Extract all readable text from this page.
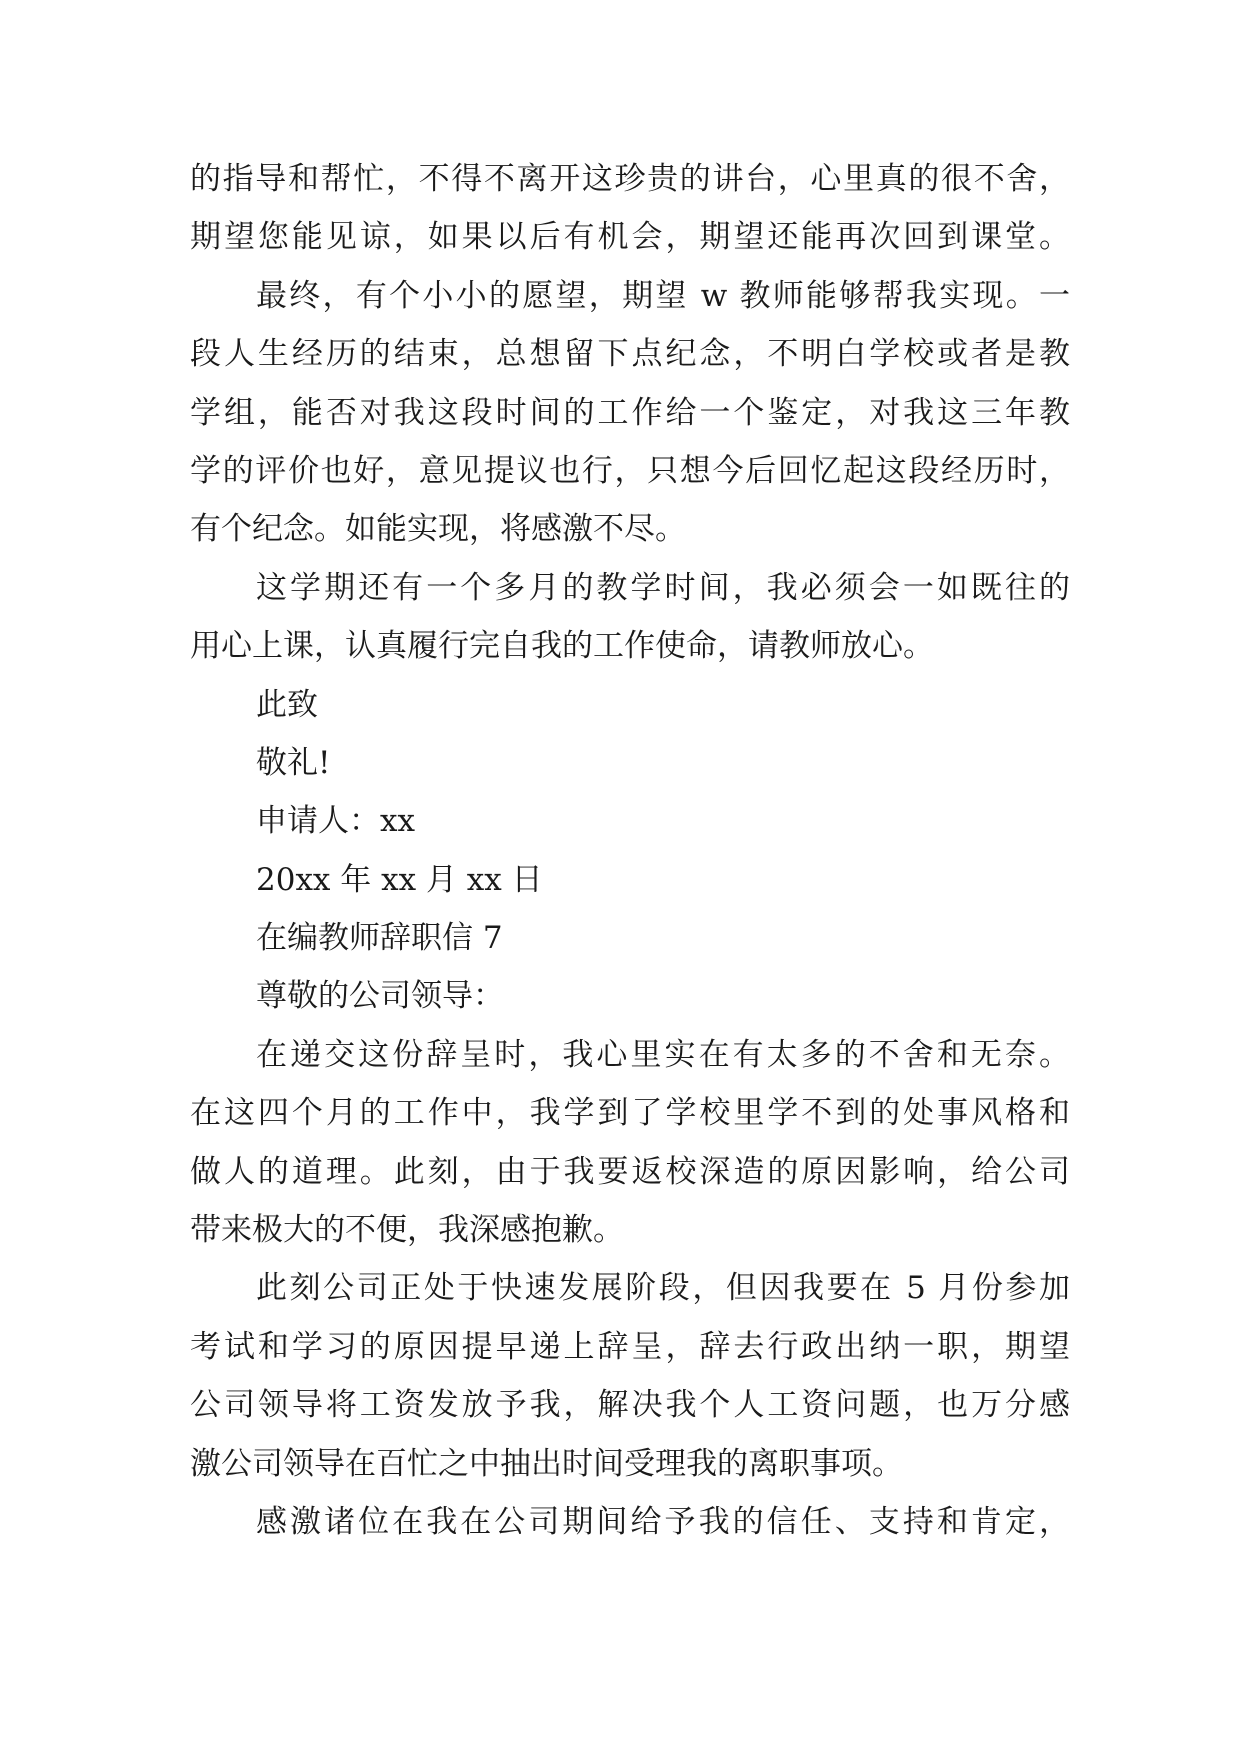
的指导和帮忙，不得不离开这珍贵的讲台，心里真的很不舍，
期望您能见谅，如果以后有机会，期望还能再次回到课堂。
最终，有个小小的愿望，期望 w 教师能够帮我实现。一
段人生经历的结束，总想留下点纪念，不明白学校或者是教
学组，能否对我这段时间的工作给一个鉴定，对我这三年教
学的评价也好，意见提议也行，只想今后回忆起这段经历时，
有个纪念。如能实现，将感激不尽。
这学期还有一个多月的教学时间，我必须会一如既往的
用心上课，认真履行完自我的工作使命，请教师放心。
此致
敬礼!
申请人：xx
20xx 年 xx 月 xx 日
在编教师辞职信 7
尊敬的公司领导：
在递交这份辞呈时，我心里实在有太多的不舍和无奈。
在这四个月的工作中，我学到了学校里学不到的处事风格和
做人的道理。此刻，由于我要返校深造的原因影响，给公司
带来极大的不便，我深感抱歉。
此刻公司正处于快速发展阶段，但因我要在 5 月份参加
考试和学习的原因提早递上辞呈，辞去行政出纳一职，期望
公司领导将工资发放予我，解决我个人工资问题，也万分感
激公司领导在百忙之中抽出时间受理我的离职事项。
感激诸位在我在公司期间给予我的信任、支持和肯定，
